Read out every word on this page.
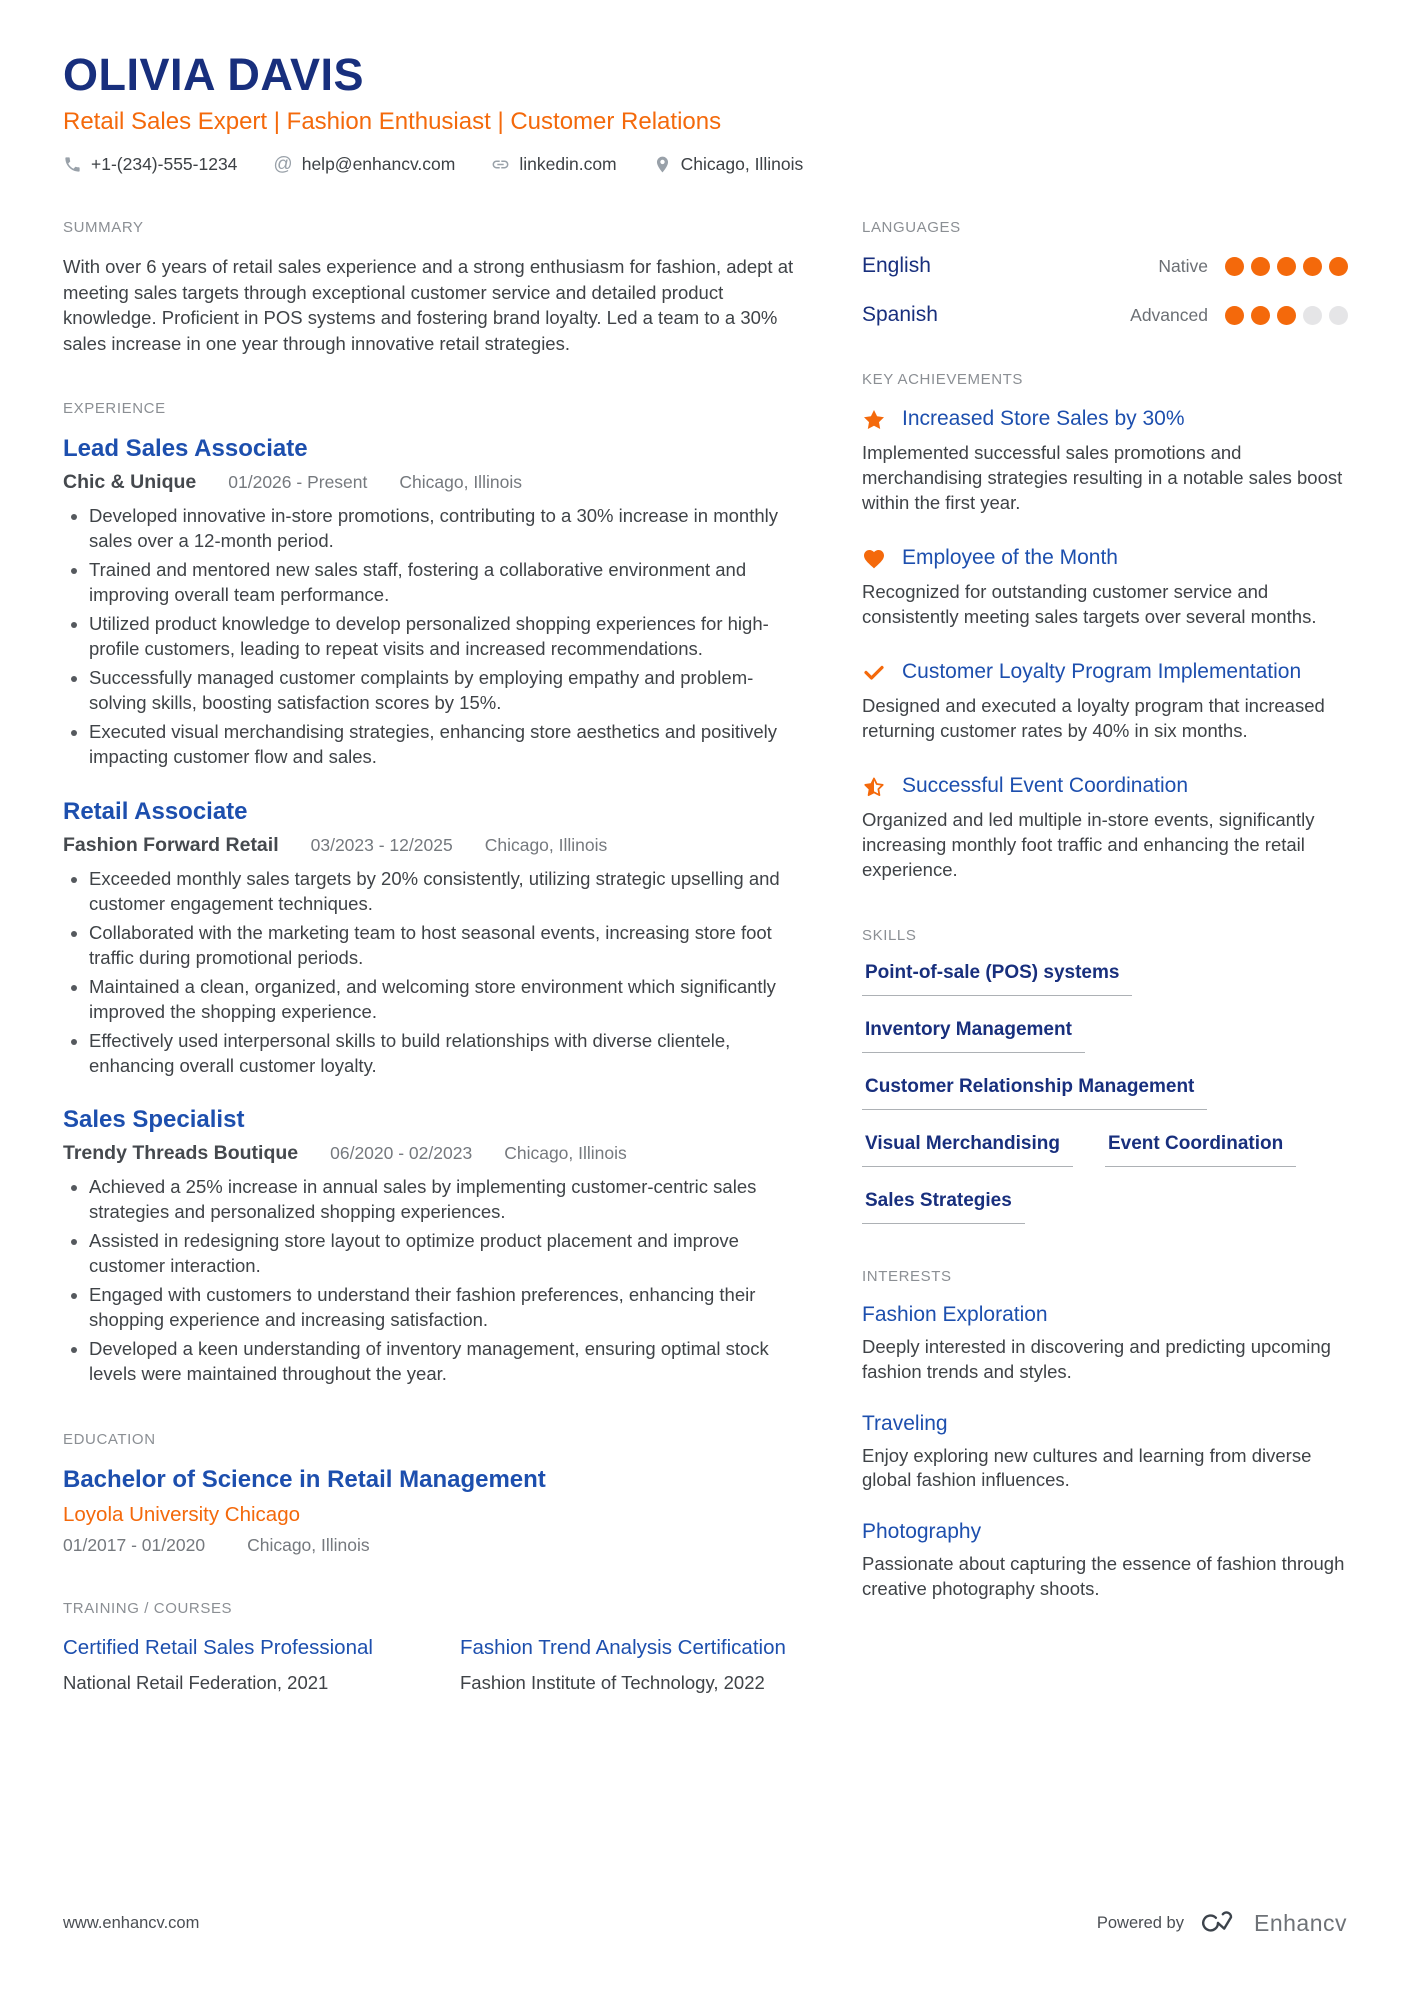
OLIVIA DAVIS
Retail Sales Expert | Fashion Enthusiast | Customer Relations
+1-(234)-555-1234 @ help@enhancv.com	linkedin.com	Chicago, Illinois
SUMMARY

With over 6 years of retail sales experience and a strong enthusiasm for fashion, adept at meeting sales targets through exceptional customer service and detailed product knowledge. Proficient in POS systems and fostering brand loyalty. Led a team to a 30% sales increase in one year through innovative retail strategies.

EXPERIENCE
Lead Sales Associate
Chic & Unique 01/2026 - Present Chicago, Illinois
• Developed innovative in-store promotions, contributing to a 30% increase in monthly sales over a 12-month period.
• Trained and mentored new sales staff, fostering a collaborative environment and improving overall team performance.
• Utilized product knowledge to develop personalized shopping experiences for high-profile customers, leading to repeat visits and increased recommendations.
• Successfully managed customer complaints by employing empathy and problem-solving skills, boosting satisfaction scores by 15%.
• Executed visual merchandising strategies, enhancing store aesthetics and positively impacting customer flow and sales.
Retail Associate
Fashion Forward Retail 03/2023 - 12/2025 Chicago, Illinois
• Exceeded monthly sales targets by 20% consistently, utilizing strategic upselling and customer engagement techniques.
• Collaborated with the marketing team to host seasonal events, increasing store foot traffic during promotional periods.
• Maintained a clean, organized, and welcoming store environment which significantly improved the shopping experience.
• Effectively used interpersonal skills to build relationships with diverse clientele, enhancing overall customer loyalty.
Sales Specialist
Trendy Threads Boutique 06/2020 - 02/2023 Chicago, Illinois
• Achieved a 25% increase in annual sales by implementing customer-centric sales strategies and personalized shopping experiences.
• Assisted in redesigning store layout to optimize product placement and improve customer interaction.
• Engaged with customers to understand their fashion preferences, enhancing their shopping experience and increasing satisfaction.
• Developed a keen understanding of inventory management, ensuring optimal stock levels were maintained throughout the year.
EDUCATION
Bachelor of Science in Retail Management
Loyola University Chicago
01/2017 - 01/2020 Chicago, Illinois
TRAINING / COURSES
Certified Retail Sales Professional

National Retail Federation, 2021

Fashion Trend Analysis Certification

Fashion Institute of Technology, 2022

LANGUAGES
English	Native
Spanish	Advanced
KEY ACHIEVEMENTS
Increased Store Sales by 30%

Implemented successful sales promotions and merchandising strategies resulting in a notable sales boost within the first year.

Employee of the Month

Recognized for outstanding customer service and consistently meeting sales targets over several months.

Customer Loyalty Program Implementation

Designed and executed a loyalty program that increased returning customer rates by 40% in six months.

Successful Event Coordination

Organized and led multiple in-store events, significantly increasing monthly foot traffic and enhancing the retail experience.

SKILLS
Point-of-sale (POS) systems
Inventory Management
Customer Relationship Management
Visual Merchandising	Event Coordination
Sales Strategies
INTERESTS
Fashion Exploration

Deeply interested in discovering and predicting upcoming fashion trends and styles.

Traveling

Enjoy exploring new cultures and learning from diverse global fashion influences.

Photography

Passionate about capturing the essence of fashion through creative photography shoots.

www.enhancv.com	Powered by	Enhancv
